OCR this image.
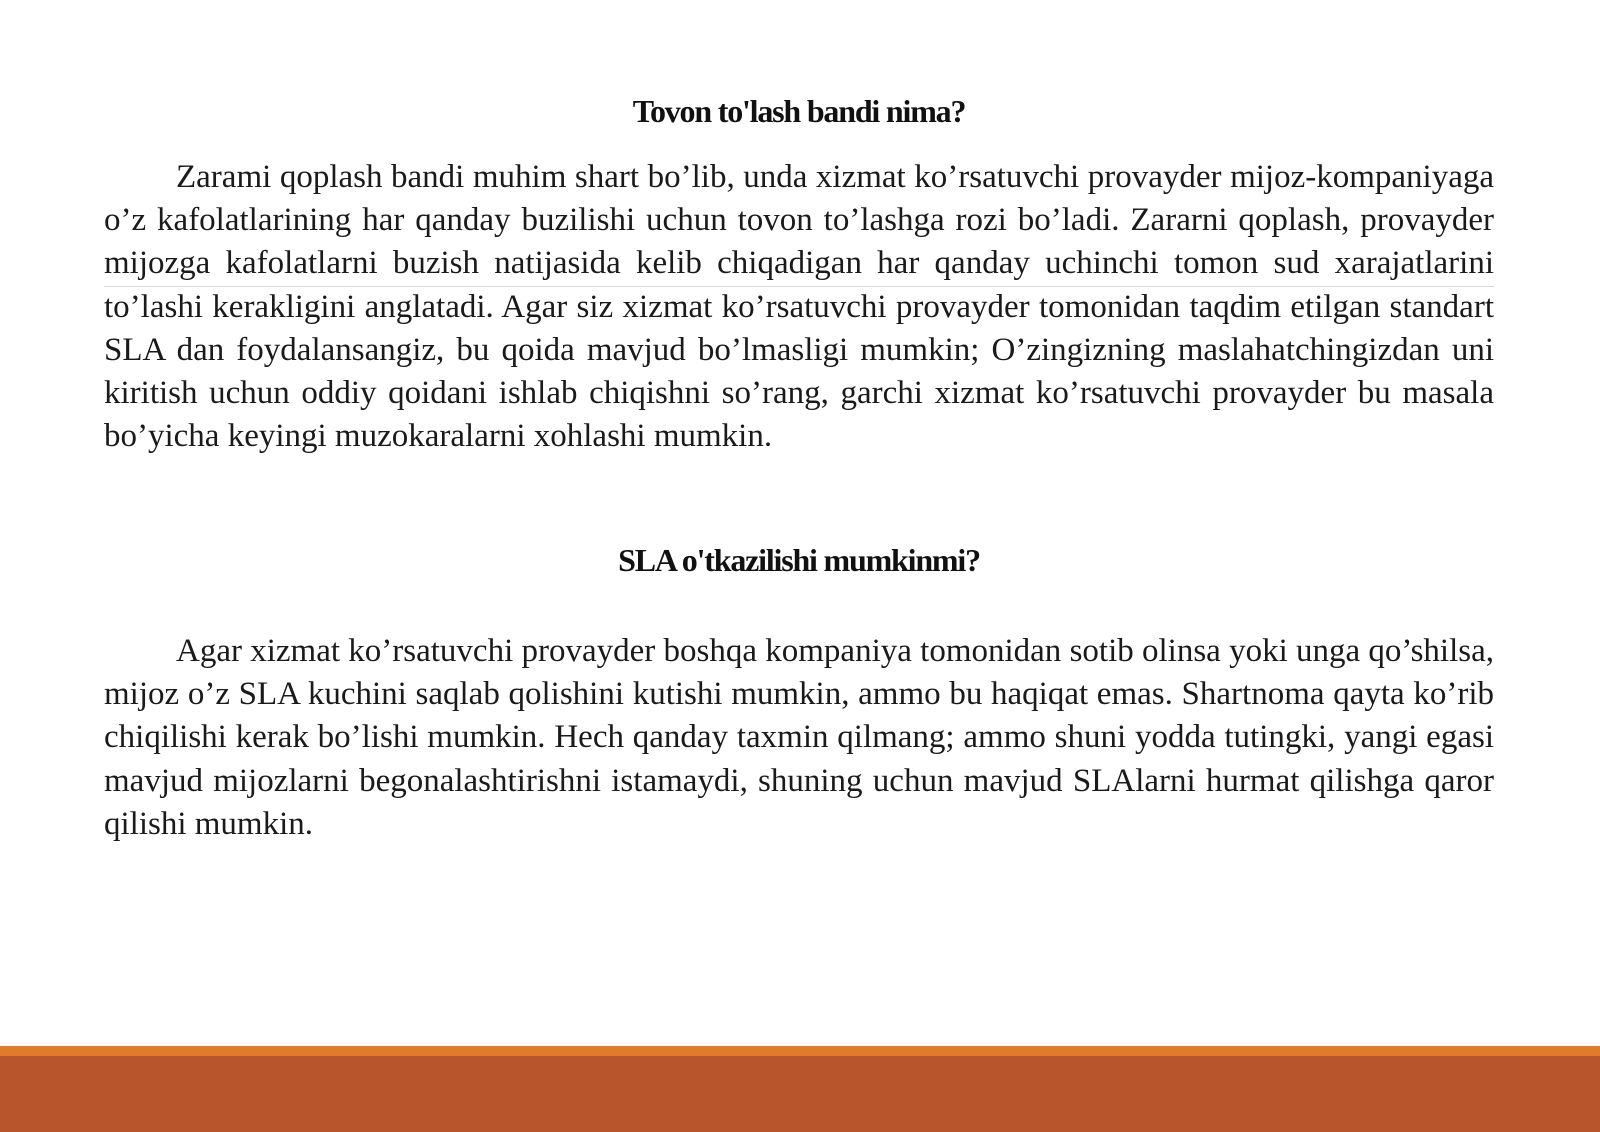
Tovon to'lash bandi nima?

Zarami qoplash bandi muhim shart bo’lib, unda xizmat ko’rsatuvchi provayder mijoz-kompaniyaga o’z kafolatlarining har qanday buzilishi uchun tovon to’lashga rozi bo’ladi. Zararni qoplash, provayder mijozga kafolatlarni buzish natijasida kelib chiqadigan har qanday uchinchi tomon sud xarajatlarini to’lashi kerakligini anglatadi. Agar siz xizmat ko’rsatuvchi provayder tomonidan taqdim etilgan standart SLA dan foydalansangiz, bu qoida mavjud bo’lmasligi mumkin; O’zingizning maslahatchingizdan uni kiritish uchun oddiy qoidani ishlab chiqishni so’rang, garchi xizmat ko’rsatuvchi provayder bu masala bo’yicha keyingi muzokaralarni xohlashi mumkin.

SLA o'tkazilishi mumkinmi?

Agar xizmat ko’rsatuvchi provayder boshqa kompaniya tomonidan sotib olinsa yoki unga qo’shilsa, mijoz o’z SLA kuchini saqlab qolishini kutishi mumkin, ammo bu haqiqat emas. Shartnoma qayta ko’rib chiqilishi kerak bo’lishi mumkin. Hech qanday taxmin qilmang; ammo shuni yodda tutingki, yangi egasi mavjud mijozlarni begonalashtirishni istamaydi, shuning uchun mavjud SLAlarni hurmat qilishga qaror qilishi mumkin.
